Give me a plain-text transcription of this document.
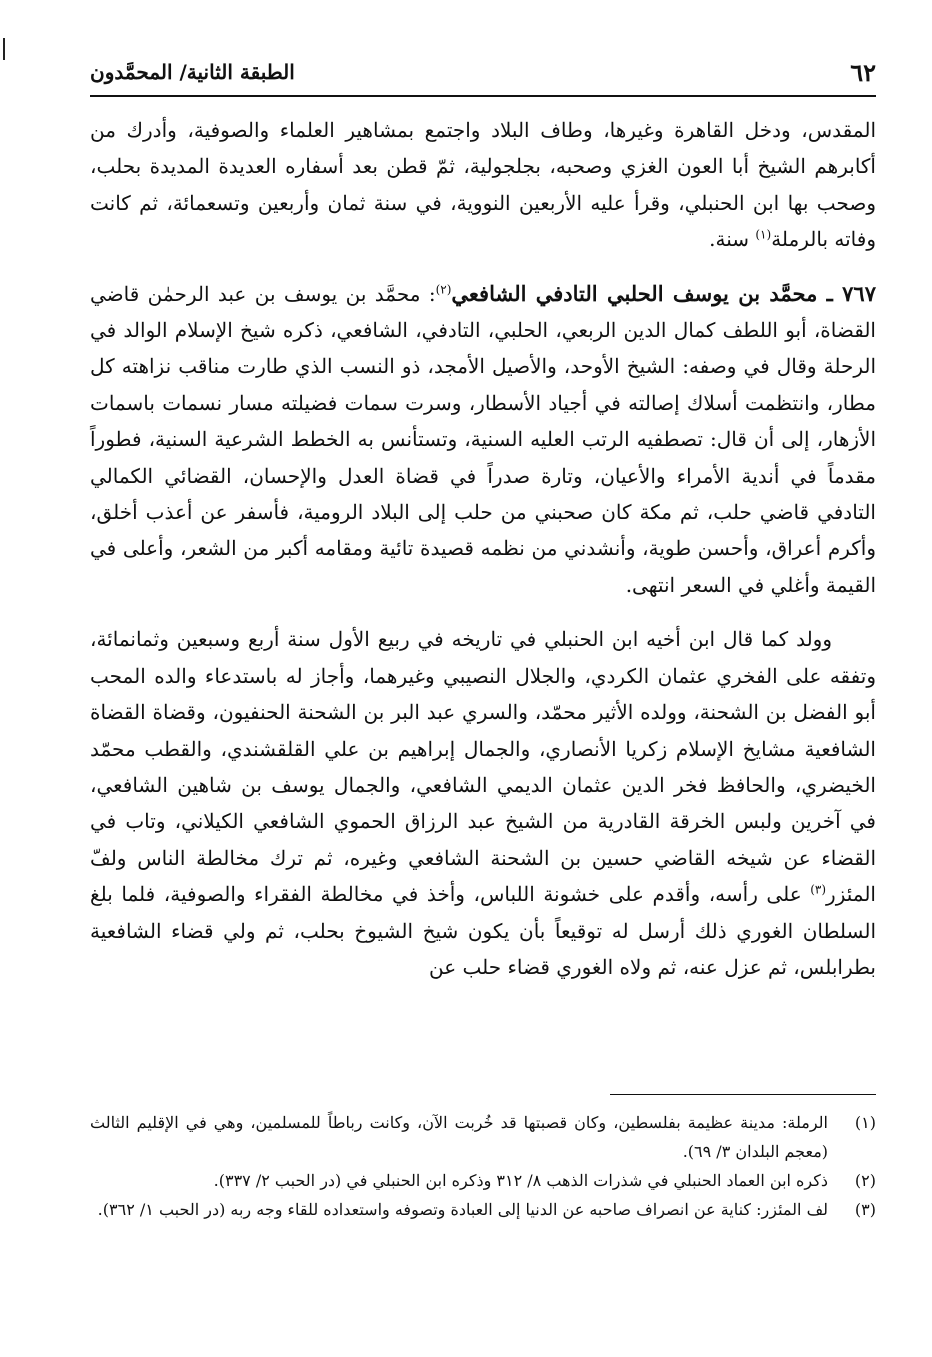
٦٢
الطبقة الثانية/ المحمَّدون

المقدس، ودخل القاهرة وغيرها، وطاف البلاد واجتمع بمشاهير العلماء والصوفية، وأدرك من أكابرهم الشيخ أبا العون الغزي وصحبه، بجلجولية، ثمّ قطن بعد أسفاره العديدة المديدة بحلب، وصحب بها ابن الحنبلي، وقرأ عليه الأربعين النووية، في سنة ثمان وأربعين وتسعمائة، ثم كانت وفاته بالرملة$^{(١)}$ سنة.

٧٦٧ ـ محمَّد بن يوسف الحلبي التادفي الشافعي$^{(٢)}$: محمَّد بن يوسف بن عبد الرحمٰن قاضي القضاة، أبو اللطف كمال الدين الربعي، الحلبي، التادفي، الشافعي، ذكره شيخ الإسلام الوالد في الرحلة وقال في وصفه: الشيخ الأوحد، والأصيل الأمجد، ذو النسب الذي طارت مناقب نزاهته كل مطار، وانتظمت أسلاك إصالته في أجياد الأسطار، وسرت سمات فضيلته مسار نسمات باسمات الأزهار، إلى أن قال: تصطفيه الرتب العليه السنية، وتستأنس به الخطط الشرعية السنية، فطوراً مقدماً في أندية الأمراء والأعيان، وتارة صدراً في قضاة العدل والإحسان، القضائي الكمالي التادفي قاضي حلب، ثم مكة كان صحبني من حلب إلى البلاد الرومية، فأسفر عن أعذب أخلق، وأكرم أعراق، وأحسن طوية، وأنشدني من نظمه قصيدة تائية ومقامه أكبر من الشعر، وأعلى في القيمة وأغلي في السعر انتهى.

وولد كما قال ابن أخيه ابن الحنبلي في تاريخه في ربيع الأول سنة أربع وسبعين وثمانمائة، وتفقه على الفخري عثمان الكردي، والجلال النصيبي وغيرهما، وأجاز له باستدعاء والده المحب أبو الفضل بن الشحنة، وولده الأثير محمّد، والسري عبد البر بن الشحنة الحنفيون، وقضاة القضاة الشافعية مشايخ الإسلام زكريا الأنصاري، والجمال إبراهيم بن علي القلقشندي، والقطب محمّد الخيضري، والحافظ فخر الدين عثمان الديمي الشافعي، والجمال يوسف بن شاهين الشافعي، في آخرين ولبس الخرقة القادرية من الشيخ عبد الرزاق الحموي الشافعي الكيلاني، وتاب في القضاء عن شيخه القاضي حسين بن الشحنة الشافعي وغيره، ثم ترك مخالطة الناس ولفّ المئزر$^{(٣)}$ على رأسه، وأقدم على خشونة اللباس، وأخذ في مخالطة الفقراء والصوفية، فلما بلغ السلطان الغوري ذلك أرسل له توقيعاً بأن يكون شيخ الشيوخ بحلب، ثم ولي قضاء الشافعية بطرابلس، ثم عزل عنه، ثم ولاه الغوري قضاء حلب عن

(١)
الرملة: مدينة عظيمة بفلسطين، وكان قصبتها قد خُربت الآن، وكانت رباطاً للمسلمين، وهي في الإقليم الثالث (معجم البلدان ٣/ ٦٩).
(٢)
ذكره ابن العماد الحنبلي في شذرات الذهب ٨/ ٣١٢ وذكره ابن الحنبلي في (در الحبب ٢/ ٣٣٧).
(٣)
لف المئزر: كناية عن انصراف صاحبه عن الدنيا إلى العبادة وتصوفه واستعداده للقاء وجه ربه (در الحبب ١/ ٣٦٢).
